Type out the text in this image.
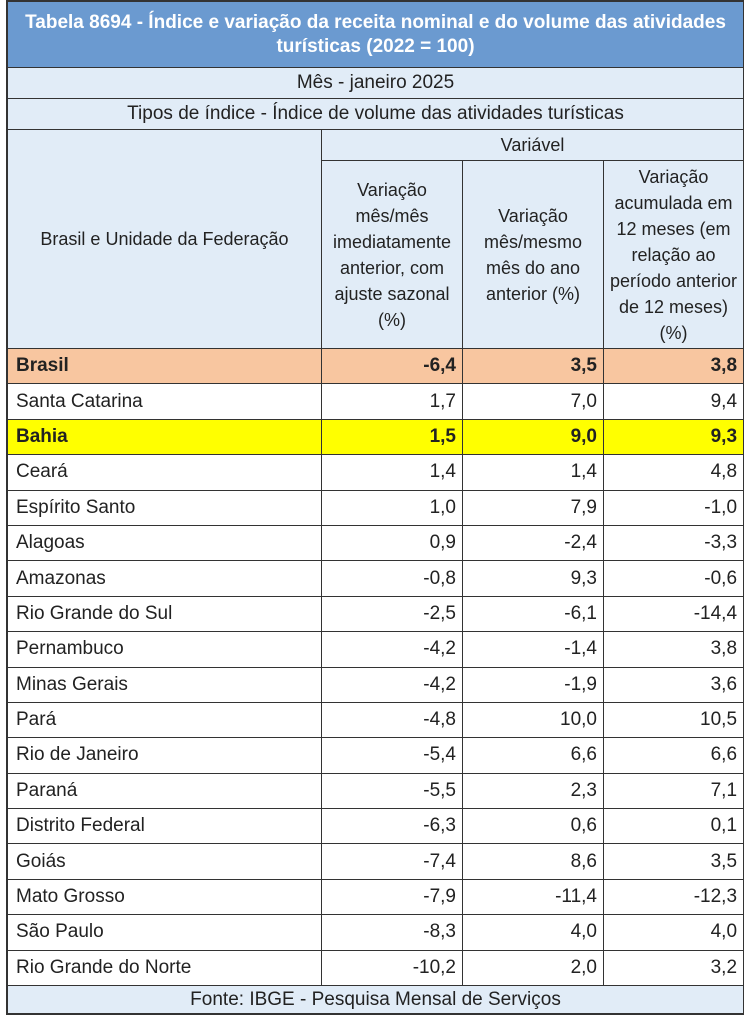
Tabela 8694 - Índice e variação da receita nominal e do volume das atividades turísticas (2022 = 100)			
Mês - janeiro 2025			
Tipos de índice - Índice de volume das atividades turísticas			
Brasil e Unidade da Federação	Variável		
	Variação mês/mês imediatamente anterior, com ajuste sazonal (%)	Variação mês/mesmo mês do ano anterior (%)	Variação acumulada em 12 meses (em relação ao período anterior de 12 meses) (%)
Brasil	-6,4	3,5	3,8
Santa Catarina	1,7	7,0	9,4
Bahia	1,5	9,0	9,3
Ceará	1,4	1,4	4,8
Espírito Santo	1,0	7,9	-1,0
Alagoas	0,9	-2,4	-3,3
Amazonas	-0,8	9,3	-0,6
Rio Grande do Sul	-2,5	-6,1	-14,4
Pernambuco	-4,2	-1,4	3,8
Minas Gerais	-4,2	-1,9	3,6
Pará	-4,8	10,0	10,5
Rio de Janeiro	-5,4	6,6	6,6
Paraná	-5,5	2,3	7,1
Distrito Federal	-6,3	0,6	0,1
Goiás	-7,4	8,6	3,5
Mato Grosso	-7,9	-11,4	-12,3
São Paulo	-8,3	4,0	4,0
Rio Grande do Norte	-10,2	2,0	3,2
Fonte: IBGE - Pesquisa Mensal de Serviços			
